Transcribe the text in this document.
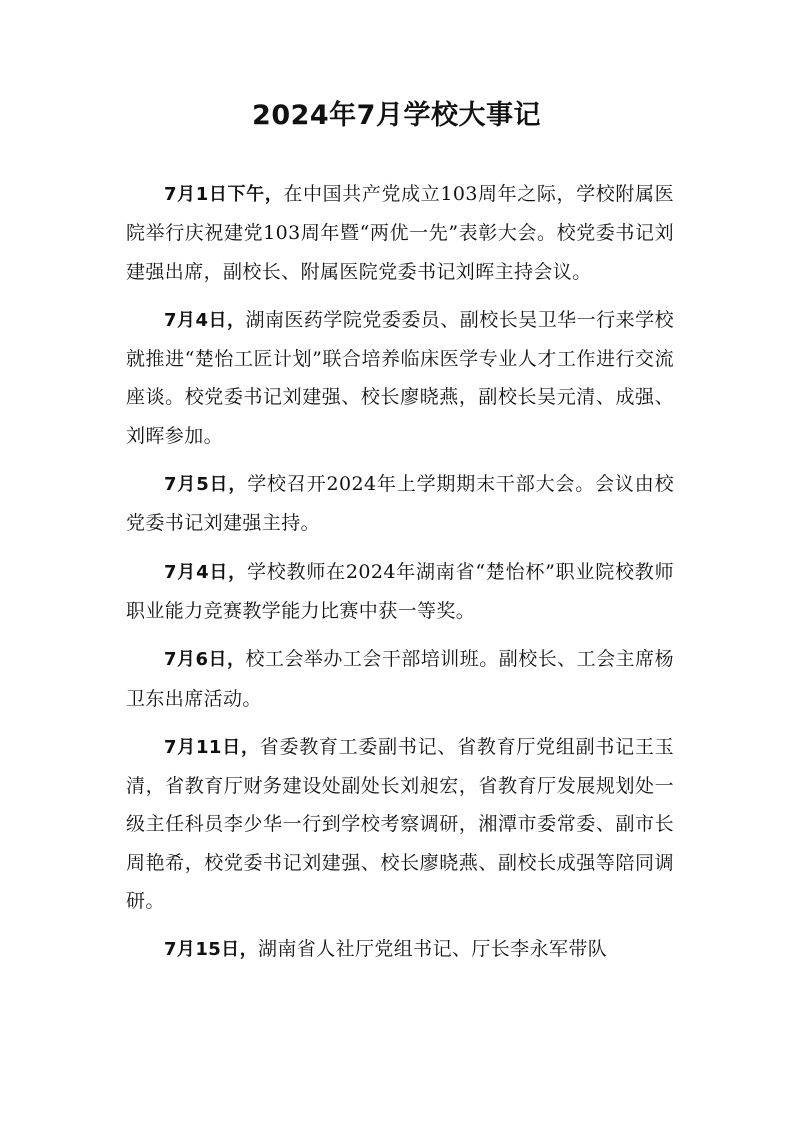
2024年7月学校大事记

7月1日下午，在中国共产党成立103周年之际，学校附属医院举行庆祝建党103周年暨“两优一先”表彰大会。校党委书记刘建强出席，副校长、附属医院党委书记刘晖主持会议。

7月4日，湖南医药学院党委委员、副校长吴卫华一行来学校就推进“楚怡工匠计划”联合培养临床医学专业人才工作进行交流座谈。校党委书记刘建强、校长廖晓燕，副校长吴元清、成强、刘晖参加。

7月5日，学校召开2024年上学期期末干部大会。会议由校党委书记刘建强主持。

7月4日，学校教师在2024年湖南省“楚怡杯”职业院校教师职业能力竞赛教学能力比赛中获一等奖。

7月6日，校工会举办工会干部培训班。副校长、工会主席杨卫东出席活动。

7月11日，省委教育工委副书记、省教育厅党组副书记王玉清，省教育厅财务建设处副处长刘昶宏，省教育厅发展规划处一级主任科员李少华一行到学校考察调研，湘潭市委常委、副市长周艳希，校党委书记刘建强、校长廖晓燕、副校长成强等陪同调研。

7月15日，湖南省人社厅党组书记、厅长李永军带队
